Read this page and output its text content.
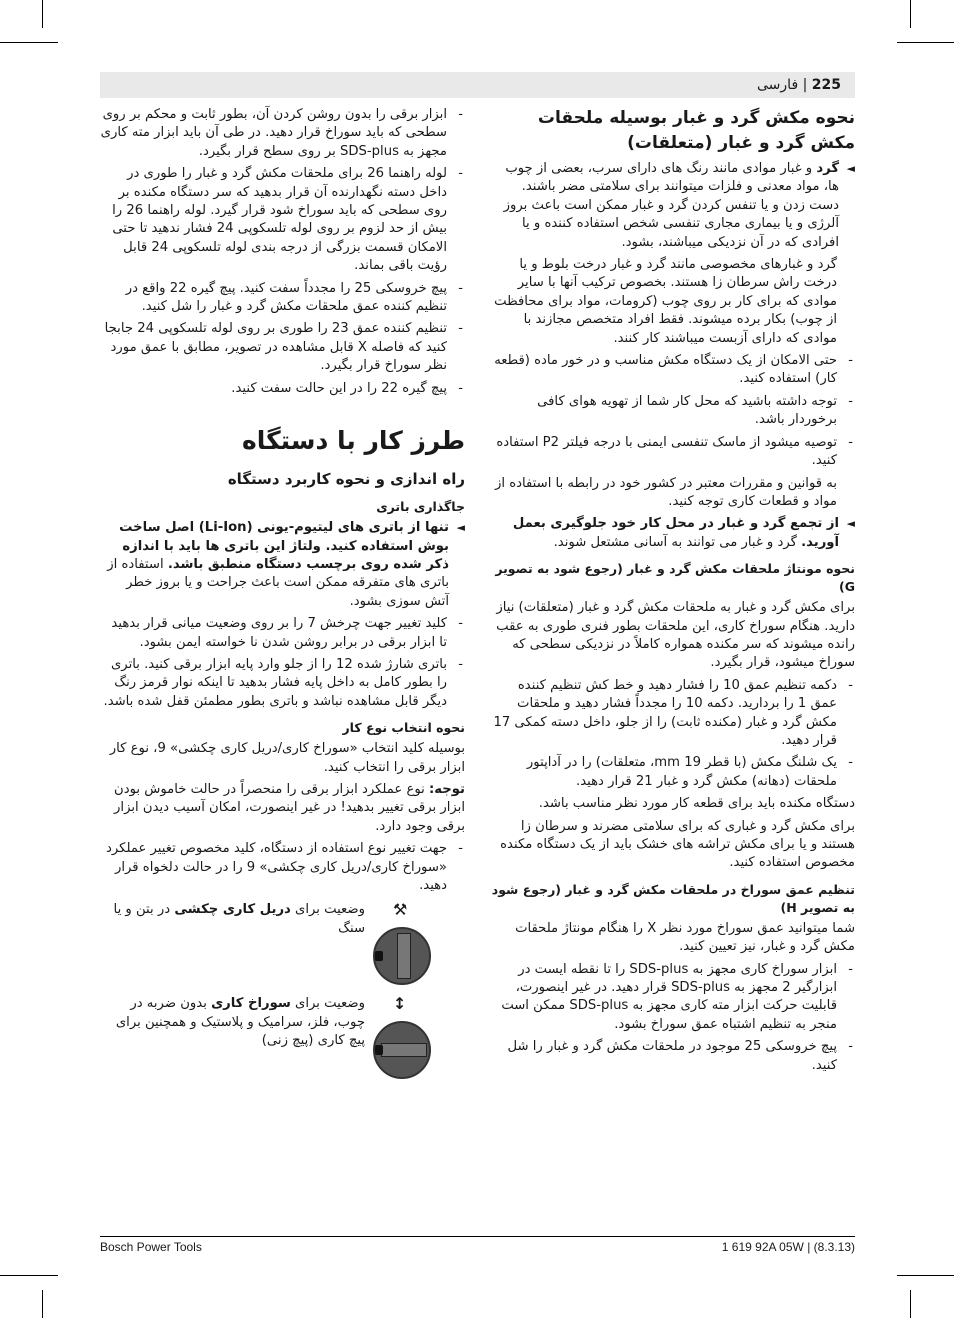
225 | فارسی
نحوه مکش گرد و غبار بوسیله ملحقات مکش گرد و غبار (متعلقات)

◄ گرد و غبار موادی مانند رنگ های دارای سرب، بعضی از چوب ها، مواد معدنی و فلزات میتوانند برای سلامتی مضر باشند. دست زدن و یا تنفس کردن گرد و غبار ممکن است باعث بروز آلرژی و یا بیماری مجاری تنفسی شخص استفاده کننده و یا افرادی که در آن نزدیکی میباشند، بشود.

گرد و غبارهای مخصوصی مانند گرد و غبار درخت بلوط و یا درخت راش سرطان زا هستند. بخصوص ترکیب آنها با سایر موادی که برای کار بر روی چوب (کرومات، مواد برای محافظت از چوب) بکار برده میشوند. فقط افراد متخصص مجازند با موادی که دارای آزبست میباشند کار کنند.

- حتی الامکان از یک دستگاه مکش مناسب و در خور ماده (قطعه کار) استفاده کنید.

- توجه داشته باشید که محل کار شما از تهویه هوای کافی برخوردار باشد.

- توصیه میشود از ماسک تنفسی ایمنی با درجه فیلتر P2 استفاده کنید.

به قوانین و مقررات معتبر در کشور خود در رابطه با استفاده از مواد و قطعات کاری توجه کنید.

◄ از تجمع گرد و غبار در محل کار خود جلوگیری بعمل آورید. گرد و غبار می توانند به آسانی مشتعل شوند.

نحوه مونتاژ ملحقات مکش گرد و غبار (رجوع شود به تصویر G)

برای مکش گرد و غبار به ملحقات مکش گرد و غبار (متعلقات) نیاز دارید. هنگام سوراخ کاری، این ملحقات بطور فنری طوری به عقب رانده میشوند که سر مکنده همواره کاملاً در نزدیکی سطحی که سوراخ میشود، قرار بگیرد.

- دکمه تنظیم عمق 10 را فشار دهید و خط کش تنظیم کننده عمق 1 را بردارید. دکمه 10 را مجدداً فشار دهید و ملحقات مکش گرد و غبار (مکنده ثابت) را از جلو، داخل دسته کمکی 17 قرار دهید.

- یک شلنگ مکش (با قطر 19 mm، متعلقات) را در آداپتور ملحقات (دهانه) مکش گرد و غبار 21 قرار دهید.

دستگاه مکنده باید برای قطعه کار مورد نظر مناسب باشد.

برای مکش گرد و غباری که برای سلامتی مضرند و سرطان زا هستند و یا برای مکش تراشه های خشک باید از یک دستگاه مکنده مخصوص استفاده کنید.

تنظیم عمق سوراخ در ملحقات مکش گرد و غبار (رجوع شود به تصویر H)

شما میتوانید عمق سوراخ مورد نظر X را هنگام مونتاژ ملحقات مکش گرد و غبار، نیز تعیین کنید.

- ابزار سوراخ کاری مجهز به SDS-plus را تا نقطه ایست در ابزارگیر 2 مجهز به SDS-plus قرار دهید. در غیر اینصورت، قابلیت حرکت ابزار مته کاری مجهز به SDS-plus ممکن است منجر به تنظیم اشتباه عمق سوراخ بشود.

- پیچ خروسکی 25 موجود در ملحقات مکش گرد و غبار را شل کنید.

- ابزار برقی را بدون روشن کردن آن، بطور ثابت و محکم بر روی سطحی که باید سوراخ قرار دهید. در طی آن باید ابزار مته کاری مجهز به SDS-plus بر روی سطح قرار بگیرد.

- لوله راهنما 26 برای ملحقات مکش گرد و غبار را طوری در داخل دسته نگهدارنده آن قرار بدهید که سر دستگاه مکنده بر روی سطحی که باید سوراخ شود قرار گیرد. لوله راهنما 26 را بیش از حد لزوم بر روی لوله تلسکوپی 24 فشار ندهید تا حتی الامکان قسمت بزرگی از درجه بندی لوله تلسکوپی 24 قابل رؤیت باقی بماند.

- پیچ خروسکی 25 را مجدداً سفت کنید. پیچ گیره 22 واقع در تنظیم کننده عمق ملحقات مکش گرد و غبار را شل کنید.

- تنظیم کننده عمق 23 را طوری بر روی لوله تلسکوپی 24 جابجا کنید که فاصله X قابل مشاهده در تصویر، مطابق با عمق مورد نظر سوراخ قرار بگیرد.

- پیچ گیره 22 را در این حالت سفت کنید.

طرز کار با دستگاه
راه اندازی و نحوه کاربرد دستگاه
جاگذاری باتری

◄ تنها از باتری های لیتیوم-یونی (Li-Ion) اصل ساخت بوش استفاده کنید. ولتاژ این باتری ها باید با اندازه ذکر شده روی برچسب دستگاه منطبق باشد. استفاده از باتری های متفرقه ممکن است باعث جراحت و یا بروز خطر آتش سوزی بشود.

- کلید تغییر جهت چرخش 7 را بر روی وضعیت میانی قرار بدهید تا ابزار برقی در برابر روشن شدن نا خواسته ایمن بشود.

- باتری شارژ شده 12 را از جلو وارد پایه ابزار برقی کنید. باتری را بطور کامل به داخل پایه فشار بدهید تا اینکه نوار قرمز رنگ دیگر قابل مشاهده نباشد و باتری بطور مطمئن قفل شده باشد.

نحوه انتخاب نوع کار

بوسیله کلید انتخاب «سوراخ کاری/دریل کاری چکشی» 9، نوع کار ابزار برقی را انتخاب کنید.

توجه: نوع عملکرد ابزار برقی را منحصراً در حالت خاموش بودن ابزار برقی تغییر بدهید! در غیر اینصورت، امکان آسیب دیدن ابزار برقی وجود دارد.

- جهت تغییر نوع استفاده از دستگاه، کلید مخصوص تغییر عملکرد «سوراخ کاری/دریل کاری چکشی» 9 را در حالت دلخواه قرار دهید.

⚒
وضعیت برای دریل کاری چکشی در بتن و یا سنگ
↕
وضعیت برای سوراخ کاری بدون ضربه در چوب، فلز، سرامیک و پلاستیک و همچنین برای پیچ کاری (پیچ زنی)
Bosch Power Tools	1 619 92A 05W | (8.3.13)
